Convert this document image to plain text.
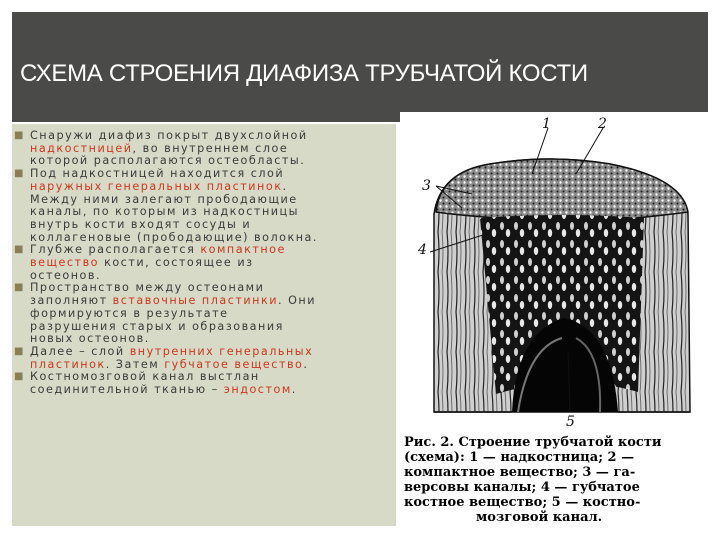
СХЕМА СТРОЕНИЯ ДИАФИЗА ТРУБЧАТОЙ КОСТИ
■ Снаружи диафиз покрыт двухслойной
надкостницей, во внутреннем слое
которой располагаются остеобласты.
■ Под надкостницей находится слой
наружных генеральных пластинок.
Между ними залегают прободающие
каналы, по которым из надкостницы
внутрь кости входят сосуды и
коллагеновые (прободающие) волокна.
■ Глубже располагается компактное
вещество кости, состоящее из
остеонов.
■ Пространство между остеонами
заполняют вставочные пластинки. Они
формируются в результате
разрушения старых и образования
новых остеонов.
■ Далее – слой внутренних генеральных
пластинок. Затем губчатое вещество.
■ Костномозговой канал выстлан
соединительной тканью – эндостом.
1	2
3
4
5
Рис. 2. Строение трубчатой кости
(схема): 1 — надкостница; 2 —
компактное вещество; 3 — га-
версовы каналы; 4 — губчатое
костное вещество; 5 — костно-
мозговой канал.
